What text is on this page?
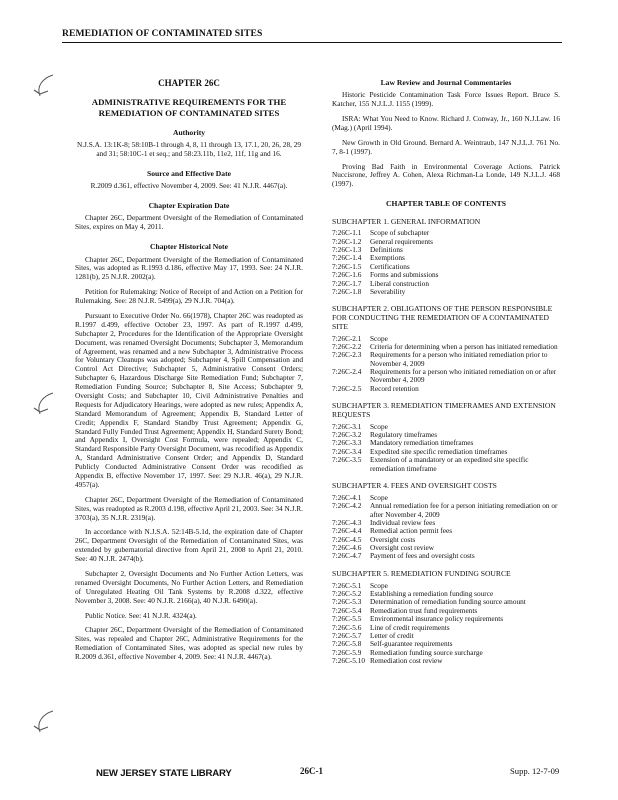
REMEDIATION OF CONTAMINATED SITES
CHAPTER 26C
ADMINISTRATIVE REQUIREMENTS FOR THE REMEDIATION OF CONTAMINATED SITES
Authority

N.J.S.A. 13:1K-8; 58:10B-1 through 4, 8, 11 through 13, 17.1, 20, 26, 28, 29 and 31; 58:10C-1 et seq.; and 58:23.11b, 11e2, 11f, 11g and 16.

Source and Effective Date

R.2009 d.361, effective November 4, 2009. See: 41 N.J.R. 4467(a).

Chapter Expiration Date

Chapter 26C, Department Oversight of the Remediation of Contaminated Sites, expires on May 4, 2011.

Chapter Historical Note

Chapter 26C, Department Oversight of the Remediation of Contaminated Sites, was adopted as R.1993 d.186, effective May 17, 1993. See: 24 N.J.R. 1281(b), 25 N.J.R. 2002(a).

Petition for Rulemaking: Notice of Receipt of and Action on a Petition for Rulemaking. See: 28 N.J.R. 5499(a), 29 N.J.R. 704(a).

Pursuant to Executive Order No. 66(1978), Chapter 26C was readopted as R.1997 d.499, effective October 23, 1997. As part of R.1997 d.499, Subchapter 2, Procedures for the Identification of the Appropriate Oversight Document, was renamed Oversight Documents; Subchapter 3, Memorandum of Agreement, was renamed and a new Subchapter 3, Administrative Process for Voluntary Cleanups was adopted; Subchapter 4, Spill Compensation and Control Act Directive; Subchapter 5, Administrative Consent Orders; Subchapter 6, Hazardous Discharge Site Remediation Fund; Subchapter 7, Remediation Funding Source; Subchapter 8, Site Access; Subchapter 9, Oversight Costs; and Subchapter 10, Civil Administrative Penalties and Requests for Adjudicatory Hearings, were adopted as new rules; Appendix A, Standard Memorandum of Agreement; Appendix B, Standard Letter of Credit; Appendix F, Standard Standby Trust Agreement; Appendix G, Standard Fully Funded Trust Agreement; Appendix H, Standard Surety Bond; and Appendix I, Oversight Cost Formula, were repealed; Appendix C, Standard Responsible Party Oversight Document, was recodified as Appendix A, Standard Administrative Consent Order; and Appendix D, Standard Publicly Conducted Administrative Consent Order was recodified as Appendix B, effective November 17, 1997. See: 29 N.J.R. 46(a), 29 N.J.R. 4957(a).

Chapter 26C, Department Oversight of the Remediation of Contaminated Sites, was readopted as R.2003 d.198, effective April 21, 2003. See: 34 N.J.R. 3703(a), 35 N.J.R. 2319(a).

In accordance with N.J.S.A. 52:14B-5.1d, the expiration date of Chapter 26C, Department Oversight of the Remediation of Contaminated Sites, was extended by gubernatorial directive from April 21, 2008 to April 21, 2010. See: 40 N.J.R. 2474(b).

Subchapter 2, Oversight Documents and No Further Action Letters, was renamed Oversight Documents, No Further Action Letters, and Remediation of Unregulated Heating Oil Tank Systems by R.2008 d.322, effective November 3, 2008. See: 40 N.J.R. 2166(a), 40 N.J.R. 6490(a).

Public Notice. See: 41 N.J.R. 4324(a).

Chapter 26C, Department Oversight of the Remediation of Contaminated Sites, was repealed and Chapter 26C, Administrative Requirements for the Remediation of Contaminated Sites, was adopted as special new rules by R.2009 d.361, effective November 4, 2009. See: 41 N.J.R. 4467(a).

Law Review and Journal Commentaries

Historic Pesticide Contamination Task Force Issues Report. Bruce S. Katcher, 155 N.J.L.J. 1155 (1999).

ISRA: What You Need to Know. Richard J. Conway, Jr., 160 N.J.Law. 16 (Mag.) (April 1994).

New Growth in Old Ground. Bernard A. Weintraub, 147 N.J.L.J. 761 No. 7, 8-1 (1997).

Proving Bad Faith in Environmental Coverage Actions. Patrick Nuccisrone, Jeffrey A. Cohen, Alexa Richman-La Londe, 149 N.J.L.J. 468 (1997).

CHAPTER TABLE OF CONTENTS
SUBCHAPTER 1. GENERAL INFORMATION
7:26C-1.1	Scope of subchapter
7:26C-1.2	General requirements
7:26C-1.3	Definitions
7:26C-1.4	Exemptions
7:26C-1.5	Certifications
7:26C-1.6	Forms and submissions
7:26C-1.7	Liberal construction
7:26C-1.8	Severability
SUBCHAPTER 2. OBLIGATIONS OF THE PERSON RESPONSIBLE FOR CONDUCTING THE REMEDIATION OF A CONTAMINATED SITE
7:26C-2.1	Scope
7:26C-2.2	Criteria for determining when a person has initiated remediation
7:26C-2.3	Requirements for a person who initiated remediation prior to November 4, 2009
7:26C-2.4	Requirements for a person who initiated remediation on or after November 4, 2009
7:26C-2.5	Record retention
SUBCHAPTER 3. REMEDIATION TIMEFRAMES AND EXTENSION REQUESTS
7:26C-3.1	Scope
7:26C-3.2	Regulatory timeframes
7:26C-3.3	Mandatory remediation timeframes
7:26C-3.4	Expedited site specific remediation timeframes
7:26C-3.5	Extension of a mandatory or an expedited site specific remediation timeframe
SUBCHAPTER 4. FEES AND OVERSIGHT COSTS
7:26C-4.1	Scope
7:26C-4.2	Annual remediation fee for a person initiating remediation on or after November 4, 2009
7:26C-4.3	Individual review fees
7:26C-4.4	Remedial action permit fees
7:26C-4.5	Oversight costs
7:26C-4.6	Oversight cost review
7:26C-4.7	Payment of fees and oversight costs
SUBCHAPTER 5. REMEDIATION FUNDING SOURCE
7:26C-5.1	Scope
7:26C-5.2	Establishing a remediation funding source
7:26C-5.3	Determination of remediation funding source amount
7:26C-5.4	Remediation trust fund requirements
7:26C-5.5	Environmental insurance policy requirements
7:26C-5.6	Line of credit requirements
7:26C-5.7	Letter of credit
7:26C-5.8	Self-guarantee requirements
7:26C-5.9	Remediation funding source surcharge
7:26C-5.10	Remediation cost review
NEW JERSEY STATE LIBRARY	26C-1	Supp. 12-7-09
